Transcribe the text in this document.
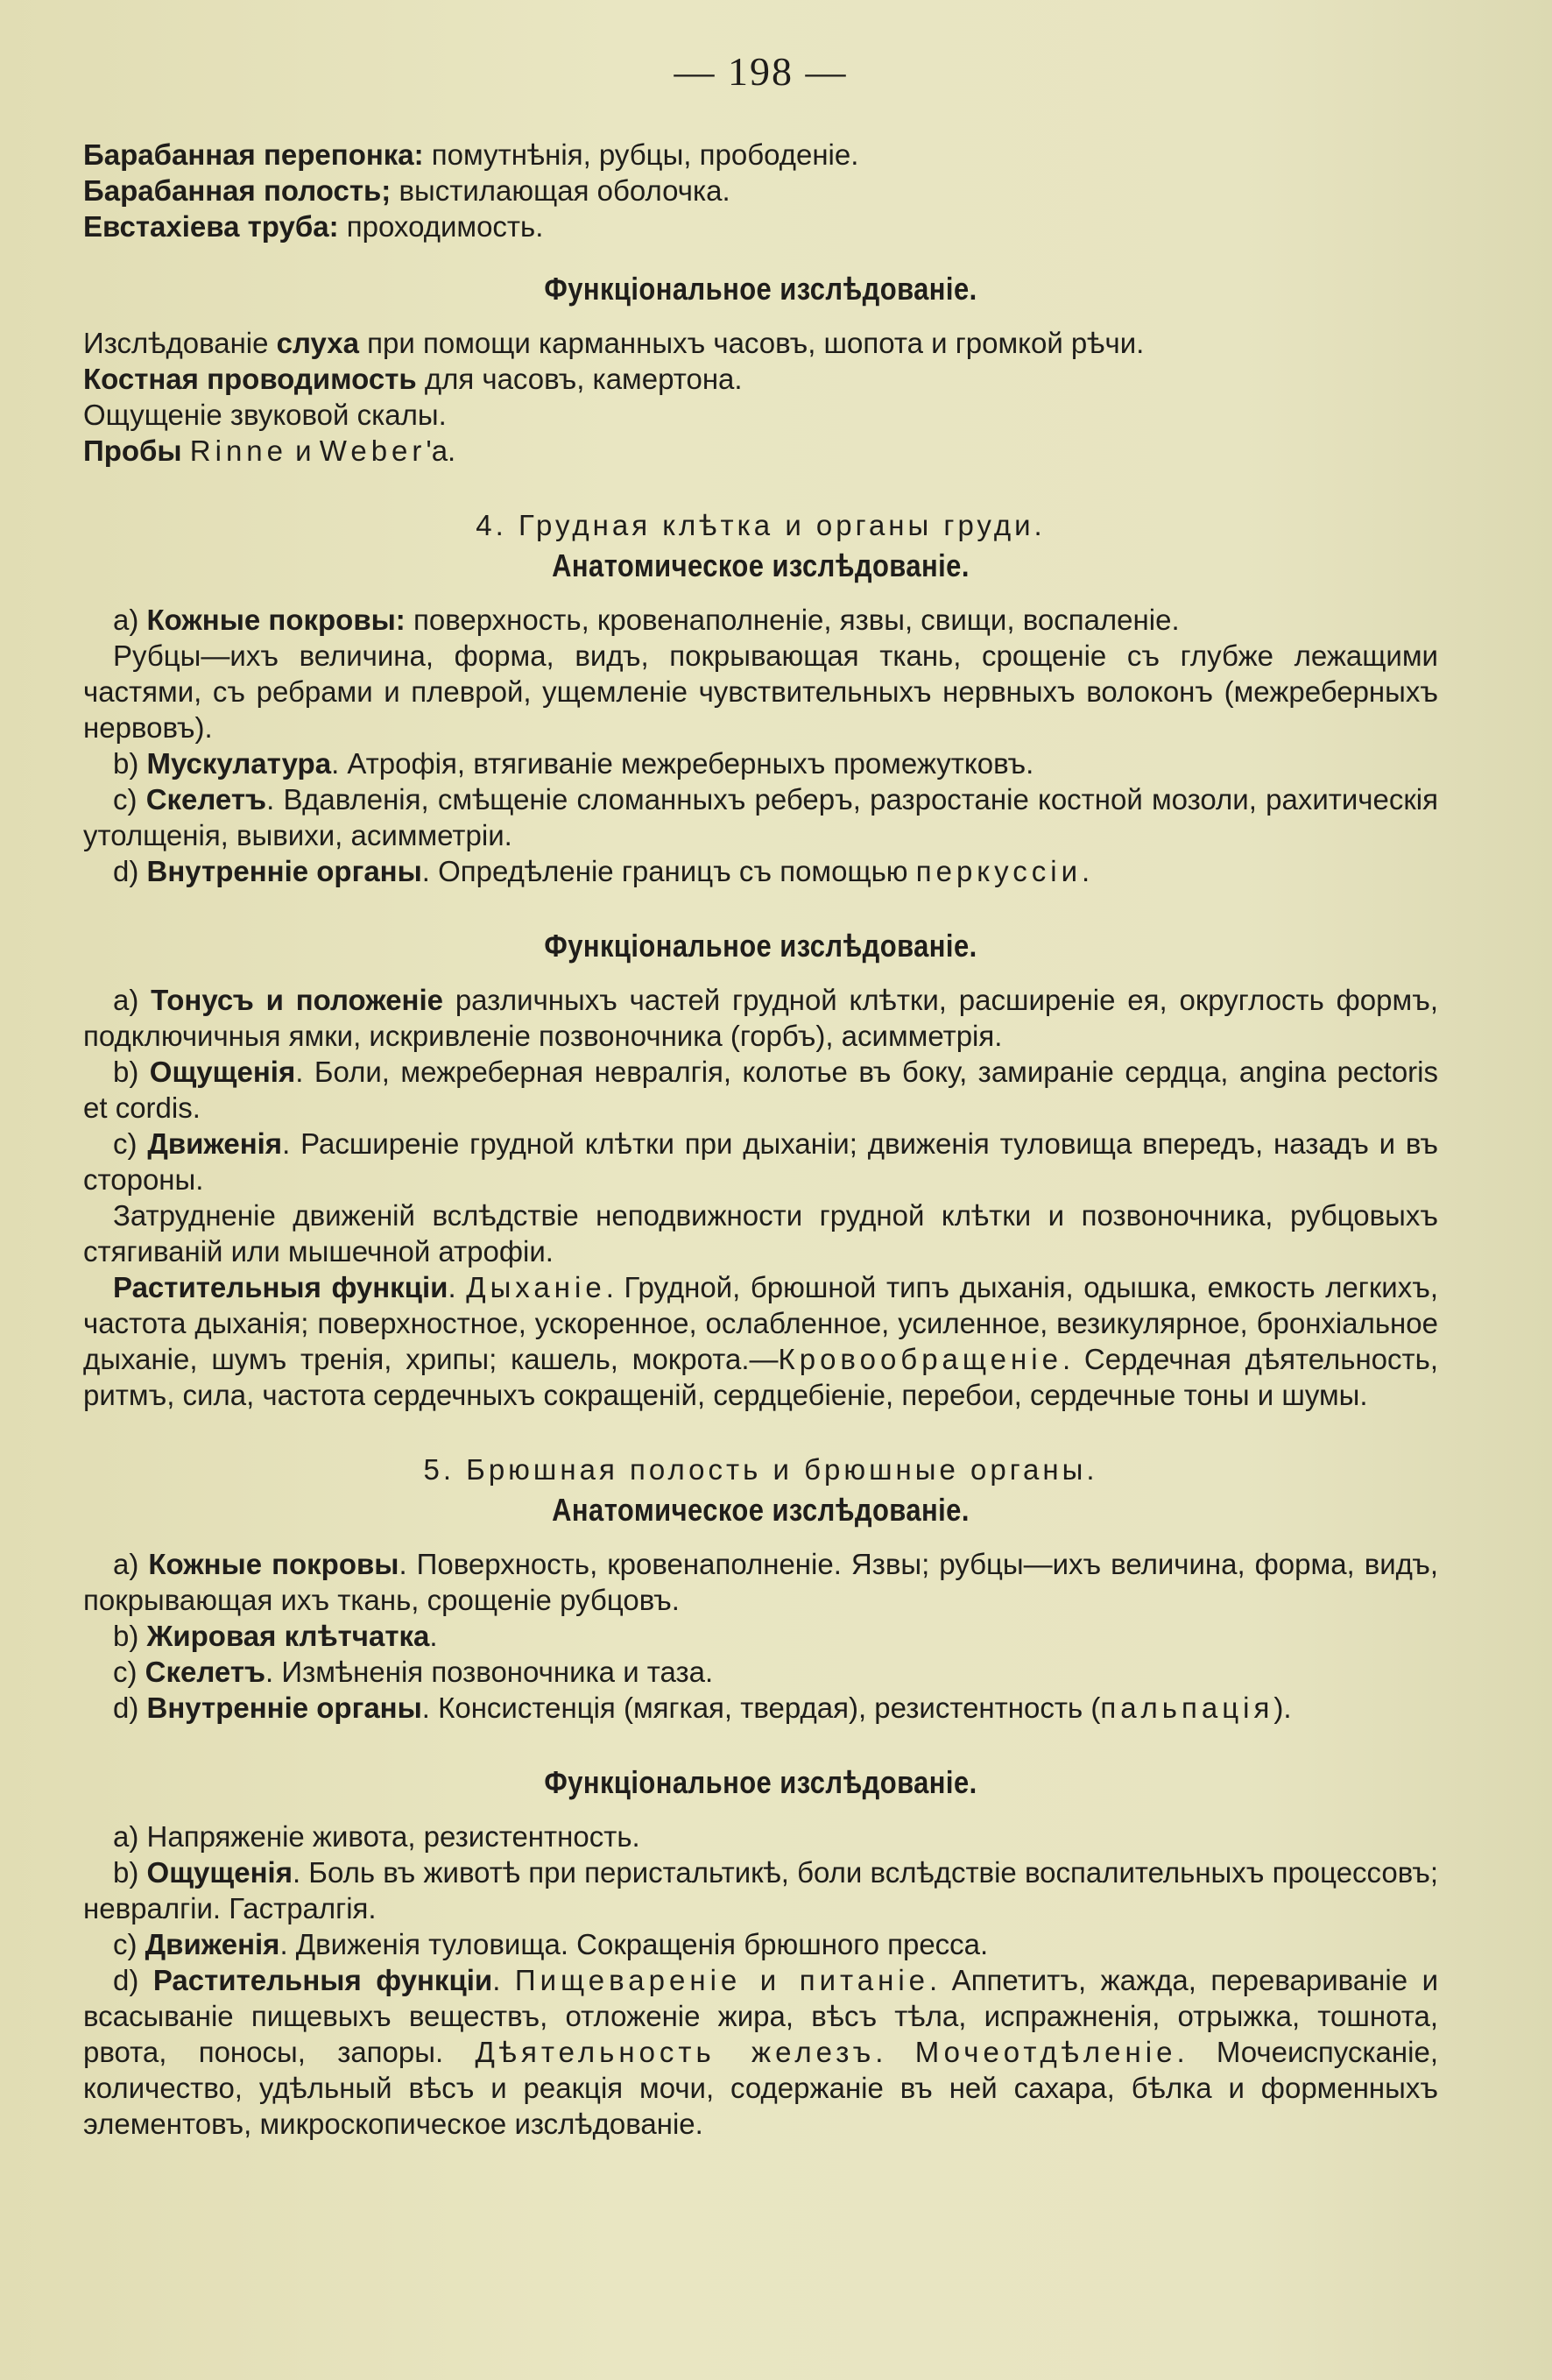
— 198 —

Барабанная перепонка: помутнѣнія, рубцы, прободеніе.

Барабанная полость; выстилающая оболочка.

Евстахіева труба: проходимость.

Функціональное изслѣдованіе.

Изслѣдованіе слуха при помощи карманныхъ часовъ, шопота и громкой рѣчи.

Костная проводимость для часовъ, камертона.

Ощущеніе звуковой скалы.

Пробы Rinne и Weber'а.

4. Грудная клѣтка и органы груди.
Анатомическое изслѣдованіе.

a) Кожные покровы: поверхность, кровенаполненіе, язвы, свищи, воспаленіе.

Рубцы—ихъ величина, форма, видъ, покрывающая ткань, срощеніе съ глубже лежащими частями, съ ребрами и плеврой, ущемленіе чувствительныхъ нервныхъ волоконъ (межреберныхъ нервовъ).

b) Мускулатура. Атрофія, втягиваніе межреберныхъ промежутковъ.

c) Скелетъ. Вдавленія, смѣщеніе сломанныхъ реберъ, разростаніе костной мозоли, рахитическія утолщенія, вывихи, асимметріи.

d) Внутренніе органы. Опредѣленіе границъ съ помощью перкуссіи.

Функціональное изслѣдованіе.

a) Тонусъ и положеніе различныхъ частей грудной клѣтки, расширеніе ея, округлость формъ, подключичныя ямки, искривленіе позвоночника (горбъ), асимметрія.

b) Ощущенія. Боли, межреберная невралгія, колотье въ боку, замираніе сердца, angina pectoris et cordis.

c) Движенія. Расширеніе грудной клѣтки при дыханіи; движенія туловища впередъ, назадъ и въ стороны.

Затрудненіе движеній вслѣдствіе неподвижности грудной клѣтки и позвоночника, рубцовыхъ стягиваній или мышечной атрофіи.

Растительныя функціи. Дыханіе. Грудной, брюшной типъ дыханія, одышка, емкость легкихъ, частота дыханія; поверхностное, ускоренное, ослабленное, усиленное, везикулярное, бронхіальное дыханіе, шумъ тренія, хрипы; кашель, мокрота.—Кровообращеніе. Сердечная дѣятельность, ритмъ, сила, частота сердечныхъ сокращеній, сердцебіеніе, перебои, сердечные тоны и шумы.

5. Брюшная полость и брюшные органы.
Анатомическое изслѣдованіе.

a) Кожные покровы. Поверхность, кровенаполненіе. Язвы; рубцы—ихъ величина, форма, видъ, покрывающая ихъ ткань, срощеніе рубцовъ.

b) Жировая клѣтчатка.

c) Скелетъ. Измѣненія позвоночника и таза.

d) Внутренніе органы. Консистенція (мягкая, твердая), резистентность (пальпація).

Функціональное изслѣдованіе.

a) Напряженіе живота, резистентность.

b) Ощущенія. Боль въ животѣ при перистальтикѣ, боли вслѣдствіе воспалительныхъ процессовъ; невралгіи. Гастралгія.

c) Движенія. Движенія туловища. Сокращенія брюшного пресса.

d) Растительныя функціи. Пищевареніе и питаніе. Аппетитъ, жажда, перевариваніе и всасываніе пищевыхъ веществъ, отложеніе жира, вѣсъ тѣла, испражненія, отрыжка, тошнота, рвота, поносы, запоры. Дѣятельность железъ. Мочеотдѣленіе. Мочеиспусканіе, количество, удѣльный вѣсъ и реакція мочи, содержаніе въ ней сахара, бѣлка и форменныхъ элементовъ, микроскопическое изслѣдованіе.
